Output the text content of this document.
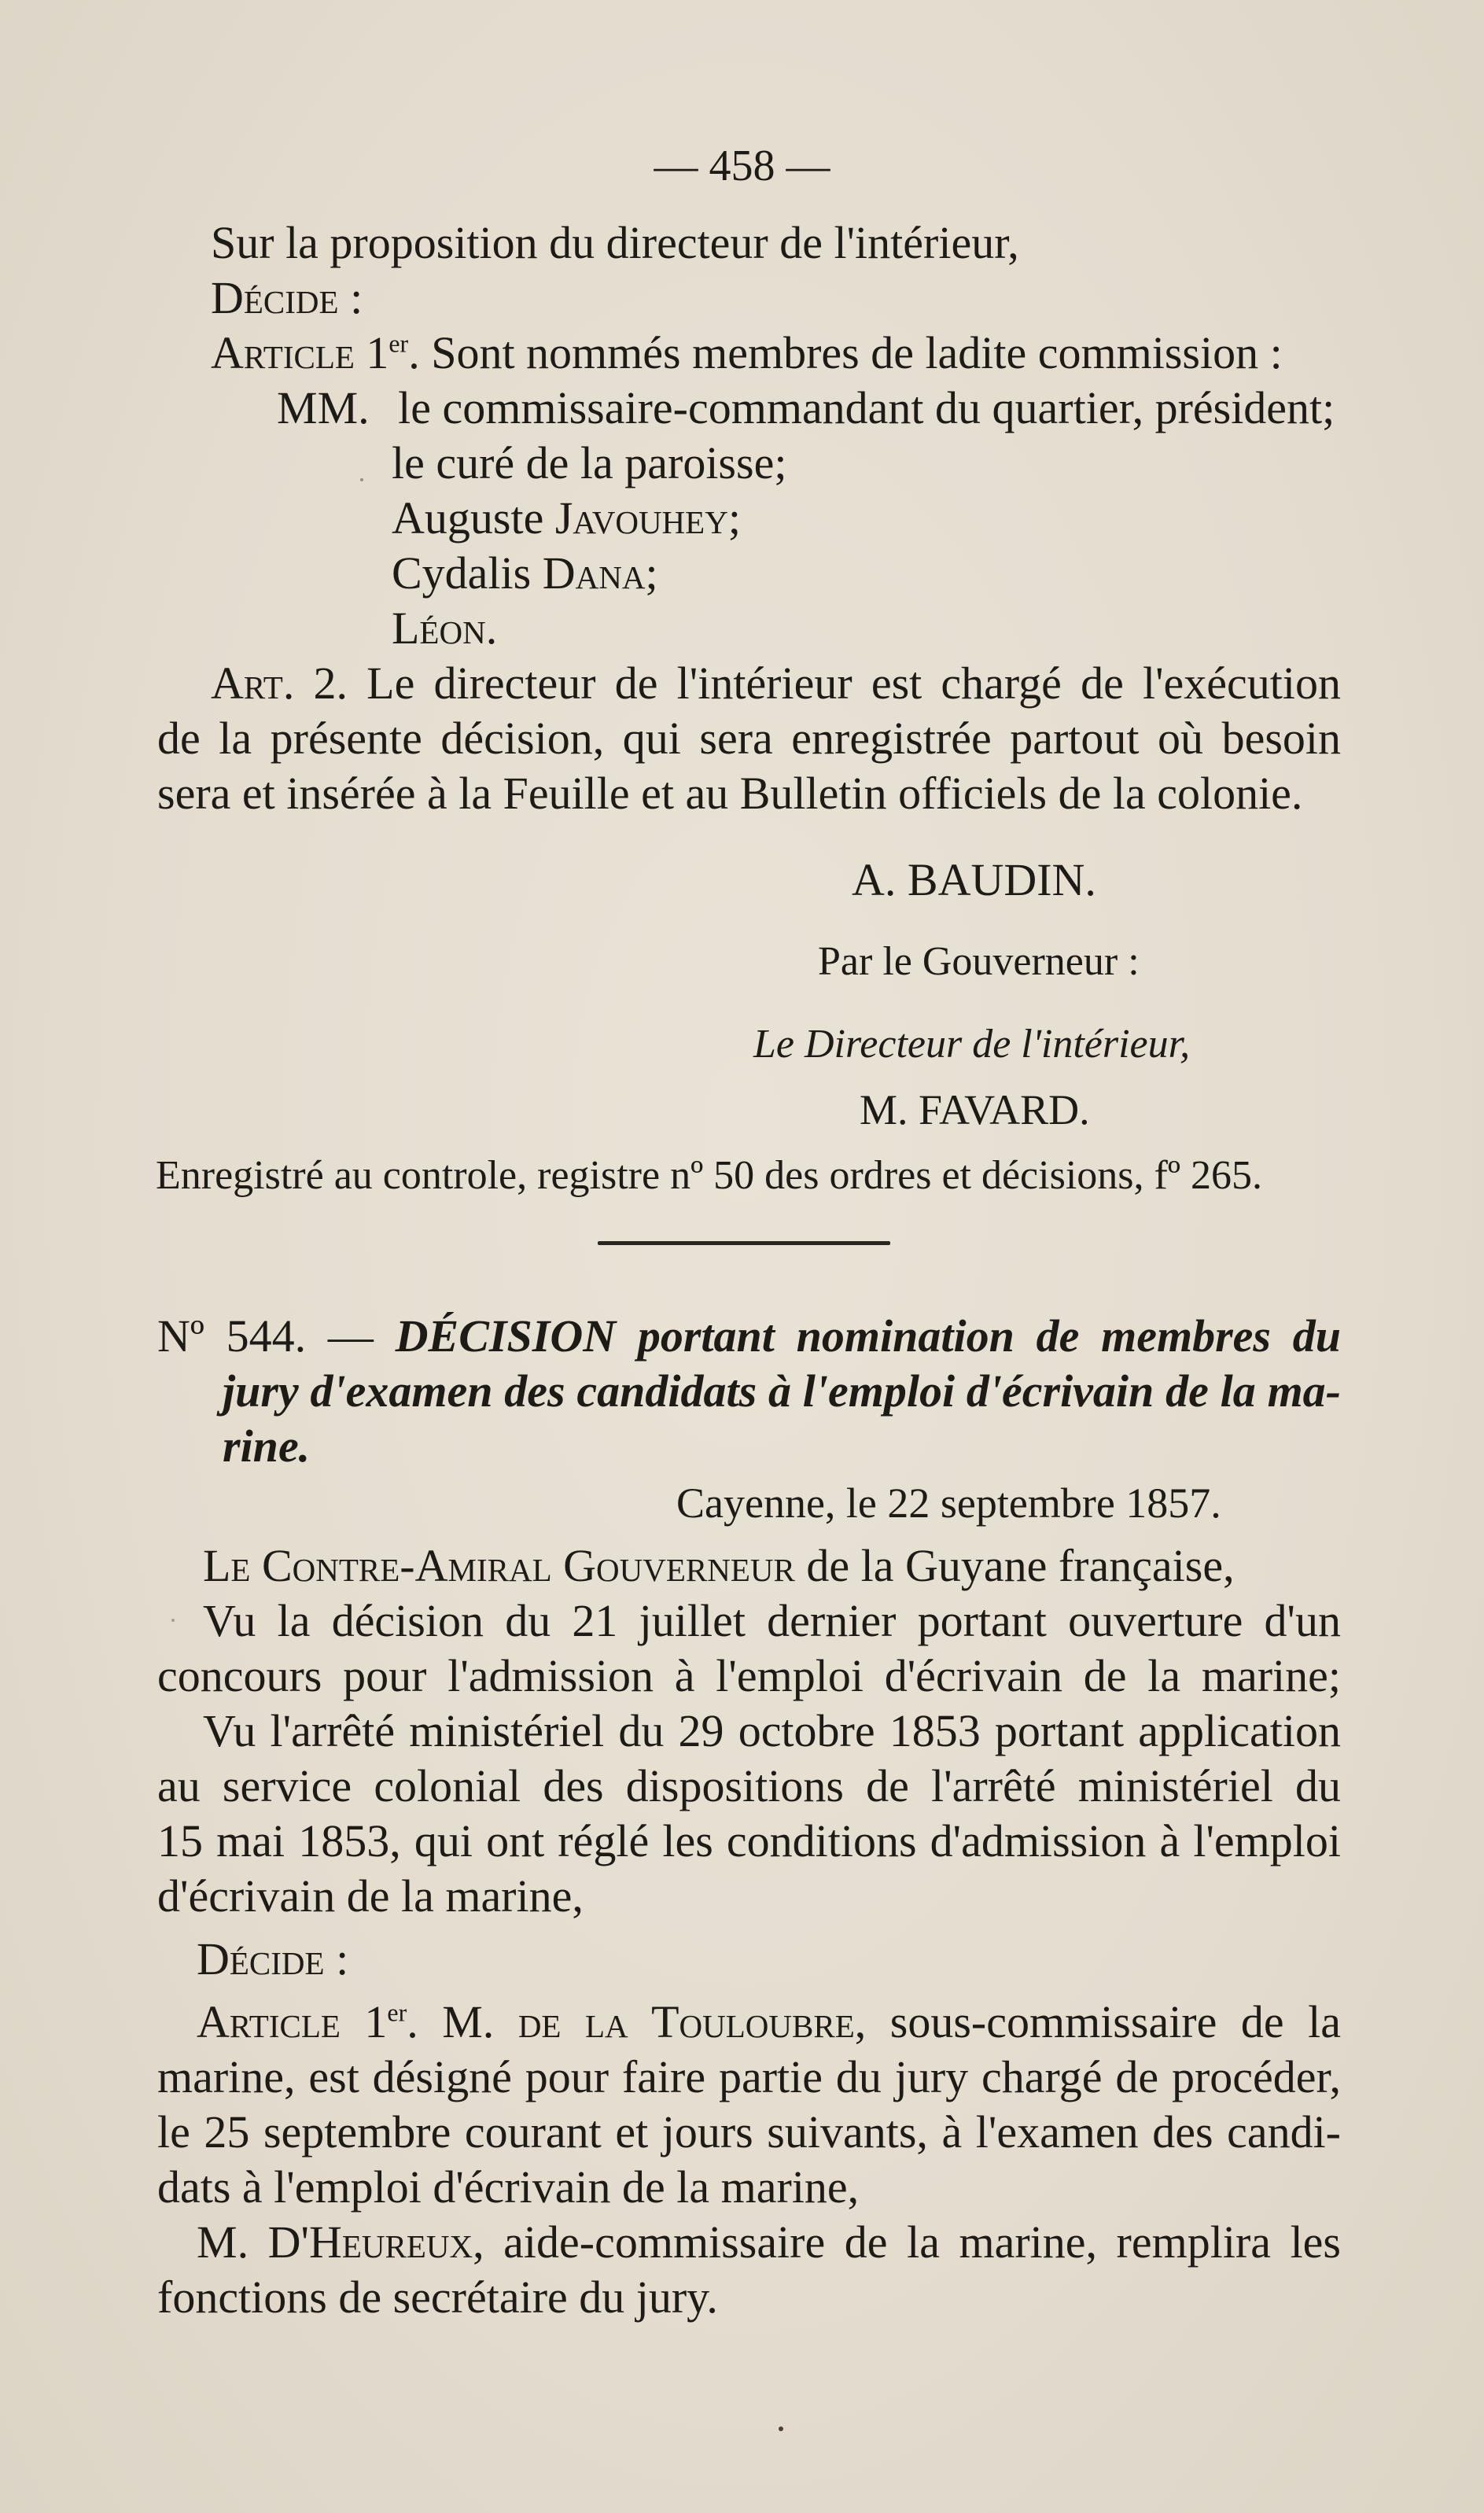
— 458 —
Sur la proposition du directeur de l'intérieur,
Décide :
Article 1er. Sont nommés membres de ladite commission :
MM. le commissaire-commandant du quartier, président;
le curé de la paroisse;
Auguste Javouhey;
Cydalis Dana;
Léon.
Art. 2. Le directeur de l'intérieur est chargé de l'exécution
de la présente décision, qui sera enregistrée partout où besoin
sera et insérée à la Feuille et au Bulletin officiels de la colonie.
A. BAUDIN.
Par le Gouverneur :
Le Directeur de l'intérieur,
M. FAVARD.
Enregistré au controle, registre nº 50 des ordres et décisions, fº 265.
Nº 544. — DÉCISION portant nomination de membres du
jury d'examen des candidats à l'emploi d'écrivain de la ma-
rine.
Cayenne, le 22 septembre 1857.
Le Contre-Amiral Gouverneur de la Guyane française,
Vu la décision du 21 juillet dernier portant ouverture d'un
concours pour l'admission à l'emploi d'écrivain de la marine;
Vu l'arrêté ministériel du 29 octobre 1853 portant application
au service colonial des dispositions de l'arrêté ministériel du
15 mai 1853, qui ont réglé les conditions d'admission à l'emploi
d'écrivain de la marine,
Décide :
Article 1er. M. de la Touloubre, sous-commissaire de la
marine, est désigné pour faire partie du jury chargé de procéder,
le 25 septembre courant et jours suivants, à l'examen des candi-
dats à l'emploi d'écrivain de la marine,
M. D'Heureux, aide-commissaire de la marine, remplira les
fonctions de secrétaire du jury.
